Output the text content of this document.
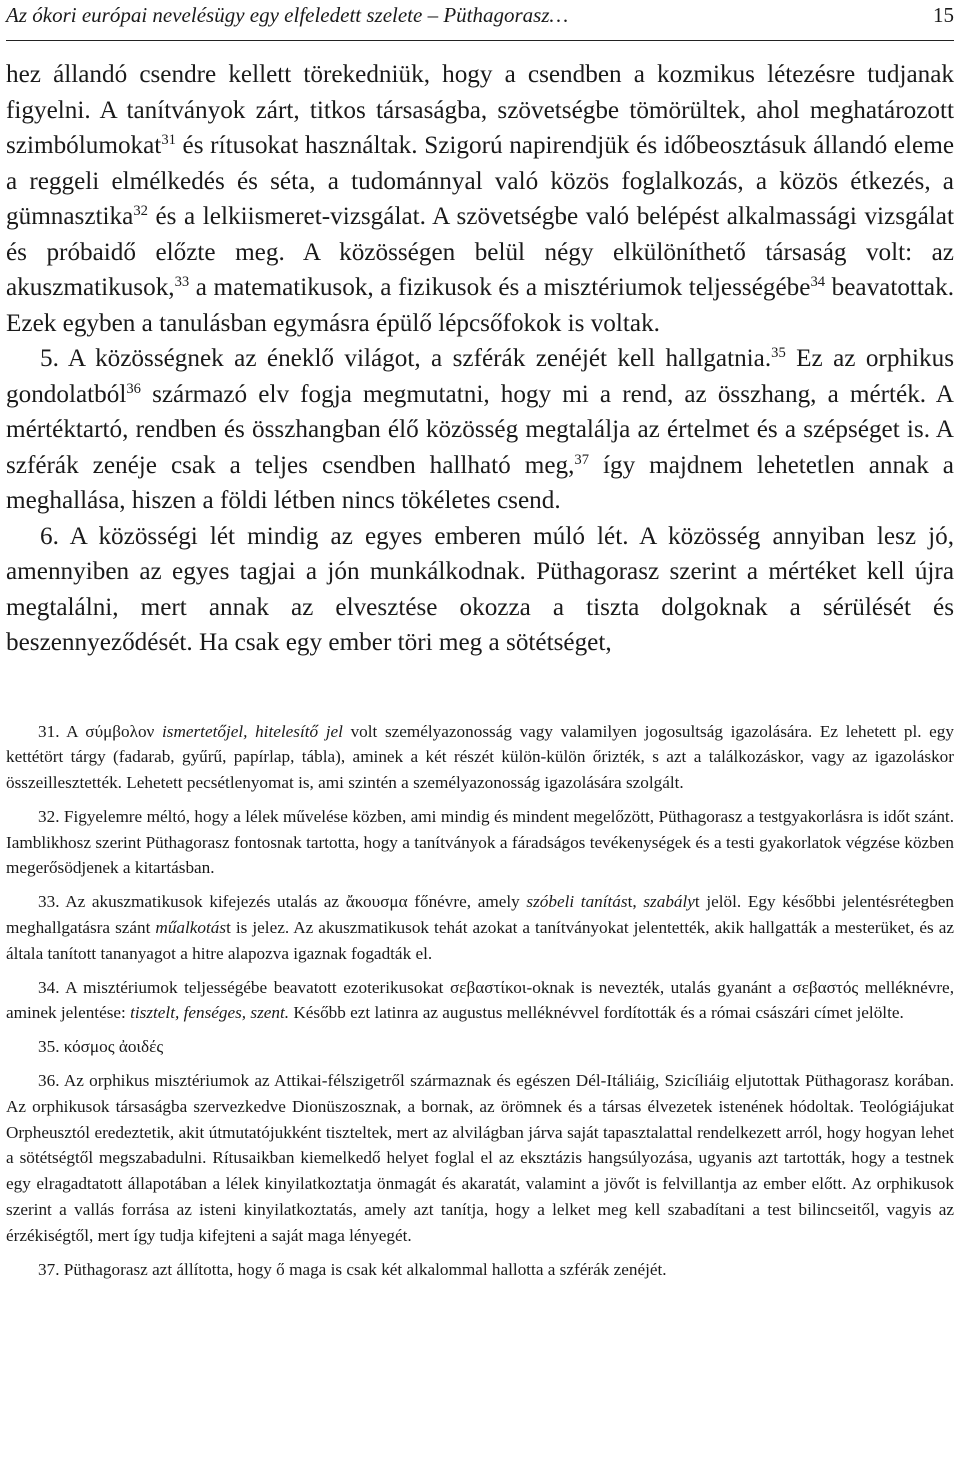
Az ókori európai nevelésügy egy elfeledett szelete – Püthagorasz…	15

hez állandó csendre kellett törekedniük, hogy a csendben a kozmikus létezésre tudjanak figyelni. A tanítványok zárt, titkos társaságba, szövetségbe tömörültek, ahol meghatározott szimbólumokat$^{31}$ és rítusokat használtak. Szigorú napirendjük és időbeosztásuk állandó eleme a reggeli elmélkedés és séta, a tudománnyal való közös foglalkozás, a közös étkezés, a gümnasztika$^{32}$ és a lelkiismeret-vizsgálat. A szövetségbe való belépést alkalmassági vizsgálat és próbaidő előzte meg. A közösségen belül négy elkülöníthető társaság volt: az akuszmatikusok,$^{33}$ a matematikusok, a fizikusok és a misztériumok teljességébe$^{34}$ beavatottak. Ezek egyben a tanulásban egymásra épülő lépcsőfokok is voltak.

5. A közösségnek az éneklő világot, a szférák zenéjét kell hallgatnia.$^{35}$ Ez az orphikus gondolatból$^{36}$ származó elv fogja megmutatni, hogy mi a rend, az összhang, a mérték. A mértéktartó, rendben és összhangban élő közösség megtalálja az értelmet és a szépséget is. A szférák zenéje csak a teljes csendben hallható meg,$^{37}$ így majdnem lehetetlen annak a meghallása, hiszen a földi létben nincs tökéletes csend.

6. A közösségi lét mindig az egyes emberen múló lét. A közösség annyiban lesz jó, amennyiben az egyes tagjai a jón munkálkodnak. Püthagorasz szerint a mértéket kell újra megtalálni, mert annak az elvesztése okozza a tiszta dolgoknak a sérülését és beszennyeződését. Ha csak egy ember töri meg a sötétséget,

31. A σύμβολον ismertetőjel, hitelesítő jel volt személyazonosság vagy valamilyen jogosultság igazolására. Ez lehetett pl. egy kettétört tárgy (fadarab, gyűrű, papírlap, tábla), aminek a két részét külön-külön őrizték, s azt a találkozáskor, vagy az igazoláskor összeillesztették. Lehetett pecsétlenyomat is, ami szintén a személyazonosság igazolására szolgált.

32. Figyelemre méltó, hogy a lélek művelése közben, ami mindig és mindent megelőzött, Püthagorasz a testgyakorlásra is időt szánt. Iamblikhosz szerint Püthagorasz fontosnak tartotta, hogy a tanítványok a fáradságos tevékenységek és a testi gyakorlatok végzése közben megerősödjenek a kitartásban.

33. Az akuszmatikusok kifejezés utalás az ἄκουσμα főnévre, amely szóbeli tanítást, szabályt jelöl. Egy későbbi jelentésrétegben meghallgatásra szánt műalkotást is jelez. Az akuszmatikusok tehát azokat a tanítványokat jelentették, akik hallgatták a mesterüket, és az általa tanított tananyagot a hitre alapozva igaznak fogadták el.

34. A misztériumok teljességébe beavatott ezoterikusokat σεβαστίκοι-oknak is nevezték, utalás gyanánt a σεβαστός melléknévre, aminek jelentése: tisztelt, fenséges, szent. Később ezt latinra az augustus melléknévvel fordították és a római császári címet jelölte.

35. κόσμος ἀοιδές

36. Az orphikus misztériumok az Attikai-félszigetről származnak és egészen Dél-Itáliáig, Szicíliáig eljutottak Püthagorasz korában. Az orphikusok társaságba szervezkedve Dionüszosznak, a bornak, az örömnek és a társas élvezetek istenének hódoltak. Teológiájukat Orpheusztól eredeztetik, akit útmutatójukként tiszteltek, mert az alvilágban járva saját tapasztalattal rendelkezett arról, hogy hogyan lehet a sötétségtől megszabadulni. Rítusaikban kiemelkedő helyet foglal el az eksztázis hangsúlyozása, ugyanis azt tartották, hogy a testnek egy elragadtatott állapotában a lélek kinyilatkoztatja önmagát és akaratát, valamint a jövőt is felvillantja az ember előtt. Az orphikusok szerint a vallás forrása az isteni kinyilatkoztatás, amely azt tanítja, hogy a lelket meg kell szabadítani a test bilincseitől, vagyis az érzékiségtől, mert így tudja kifejteni a saját maga lényegét.

37. Püthagorasz azt állította, hogy ő maga is csak két alkalommal hallotta a szférák zenéjét.
